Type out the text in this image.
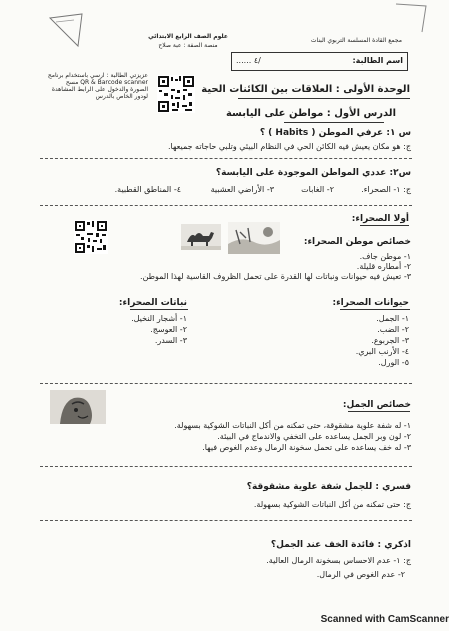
علوم الصف الرابع الابتدائي
منصة الصفة : عبة صلاح
مجمع القادة المسلسة التربوي البنات
اسم الطالبة:
/٤ ......
عزيزتي الطالبة : ارسي باستخدام برنامج
QR & Barcode scanner مسح
الصورة والدخول على الرابط المشاهدة
لودور الخاص بالدرس
الوحدة الأولى : العلاقات بين الكائنات الحية
الدرس الأول : مواطن على اليابسة
س ١: عرفي الموطن ( Habits ) ؟
ج: هو مكان يعيش فيه الكائن الحي في النظام البيئي وتلبي حاجاته جميعها.
س٢: عددي المواطن الموجودة على اليابسة؟
ج: ١- الصحراء.
٢- الغابات
٣- الأراضي العشبية
٤- المناطق القطبية.
أولا الصحراء:
خصائص موطن الصحراء:
١- موطن جاف.
٢- أمطاره قليلة.
٣- تعيش فيه حيوانات ونباتات لها القدرة على تحمل الظروف القاسية لهذا الموطن.
حيوانات الصحراء:
١- الجمل.
٢- الضب.
٣- الجربوع.
٤- الأرنب البري.
٥- الورل.
نباتات الصحراء:
١- أشجار النخيل.
٢- العوسج.
٣- السدر.
خصائص الجمل:
١- له شفة علوية مشقوقة، حتى تمكنه من أكل النباتات الشوكية بسهولة.
٢- لون وبر الجمل يساعده على التخفي والاندماج في البيئة.
٣- له خف يساعده على تحمل سخونة الرمال وعدم الغوص فيها.
فسري : للجمل شفة علوية مشقوقة؟
ج: حتى تمكنه من أكل النباتات الشوكية بسهولة.
اذكري : فائدة الخف عند الجمل؟
ج: ١- عدم الاحساس بسخونة الرمال العالية.
٢- عدم الغوص في الرمال.
Scanned with CamScanner
